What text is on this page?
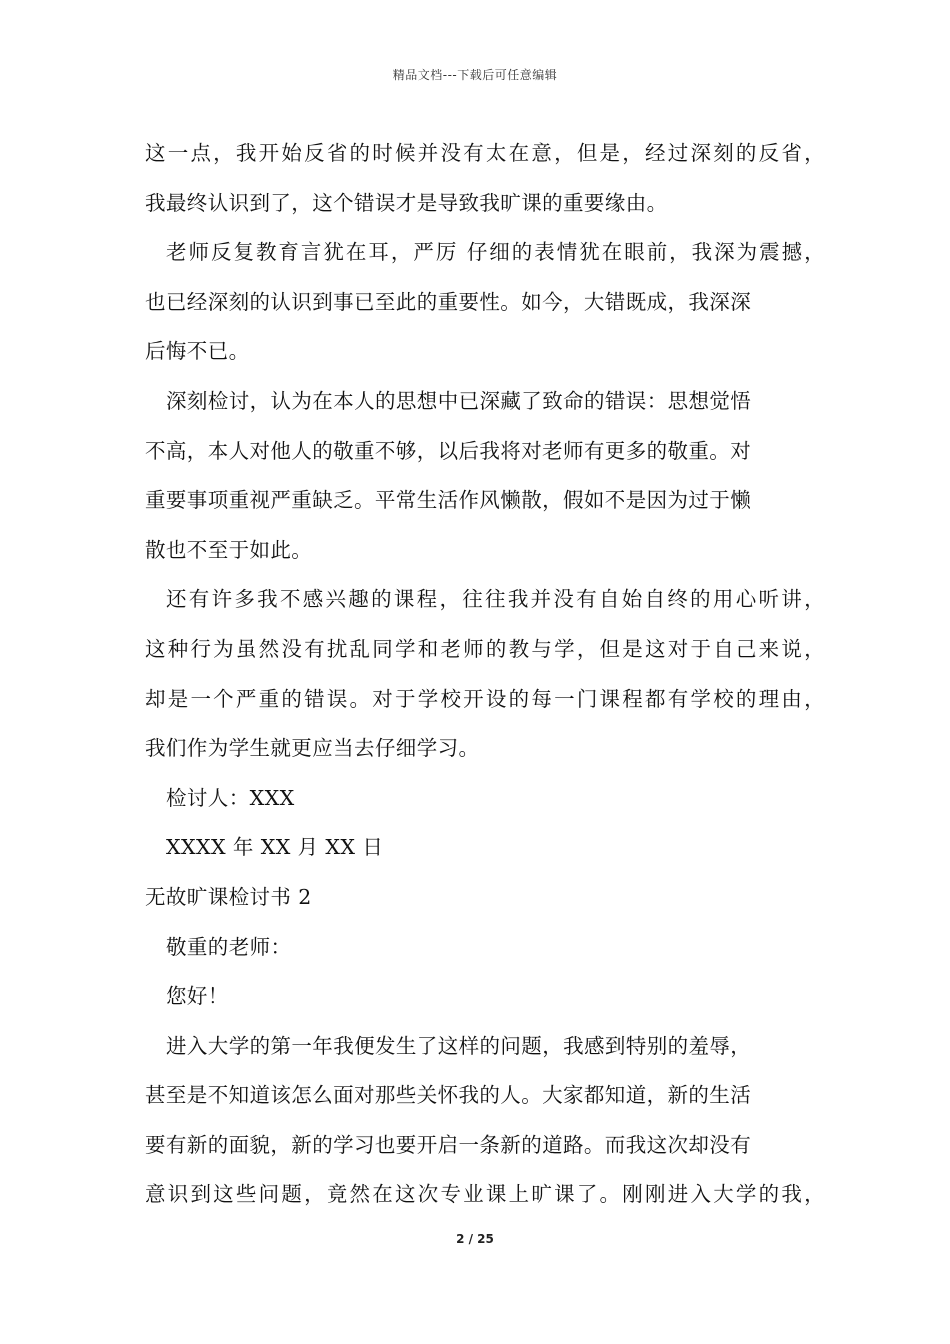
精品文档---下载后可任意编辑
这一点，我开始反省的时候并没有太在意，但是，经过深刻的反省，
我最终认识到了，这个错误才是导致我旷课的重要缘由。
老师反复教育言犹在耳，严厉 仔细的表情犹在眼前，我深为震撼，
也已经深刻的认识到事已至此的重要性。如今，大错既成，我深深
后悔不已。
深刻检讨，认为在本人的思想中已深藏了致命的错误：思想觉悟
不高，本人对他人的敬重不够，以后我将对老师有更多的敬重。对
重要事项重视严重缺乏。平常生活作风懒散，假如不是因为过于懒
散也不至于如此。
还有许多我不感兴趣的课程，往往我并没有自始自终的用心听讲，
这种行为虽然没有扰乱同学和老师的教与学，但是这对于自己来说，
却是一个严重的错误。对于学校开设的每一门课程都有学校的理由，
我们作为学生就更应当去仔细学习。
检讨人：XXX
XXXX 年 XX 月 XX 日
无故旷课检讨书 2
敬重的老师：
您好！
进入大学的第一年我便发生了这样的问题，我感到特别的羞辱，
甚至是不知道该怎么面对那些关怀我的人。大家都知道，新的生活
要有新的面貌，新的学习也要开启一条新的道路。而我这次却没有
意识到这些问题，竟然在这次专业课上旷课了。刚刚进入大学的我，
2 / 25
